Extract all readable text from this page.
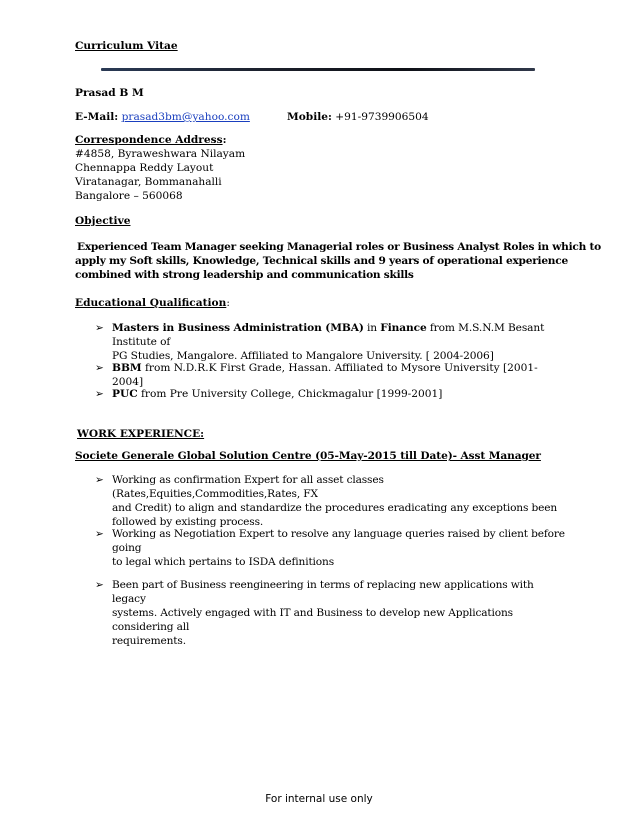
Curriculum Vitae
Prasad B M
E-Mail: prasad3bm@yahoo.com	Mobile: +91-9739906504
Correspondence Address:
#4858, Byraweshwara Nilayam
Chennappa Reddy Layout
Viratanagar, Bommanahalli
Bangalore – 560068
Objective
Experienced Team Manager seeking Managerial roles or Business Analyst Roles in which to
apply my Soft skills, Knowledge, Technical skills and 9 years of operational experience
combined with strong leadership and communication skills
Educational Qualification:
➢ Masters in Business Administration (MBA) in Finance from M.S.N.M Besant Institute of
PG Studies, Mangalore. Affiliated to Mangalore University. [ 2004-2006]
➢ BBM from N.D.R.K First Grade, Hassan. Affiliated to Mysore University [2001-2004]
➢ PUC from Pre University College, Chickmagalur [1999-2001]
WORK EXPERIENCE:
Societe Generale Global Solution Centre (05-May-2015 till Date)- Asst Manager
➢ Working as confirmation Expert for all asset classes (Rates,Equities,Commodities,Rates, FX
and Credit) to align and standardize the procedures eradicating any exceptions been
followed by existing process.
➢ Working as Negotiation Expert to resolve any language queries raised by client before going
to legal which pertains to ISDA definitions
➢ Been part of Business reengineering in terms of replacing new applications with legacy
systems. Actively engaged with IT and Business to develop new Applications considering all
requirements.
For internal use only
